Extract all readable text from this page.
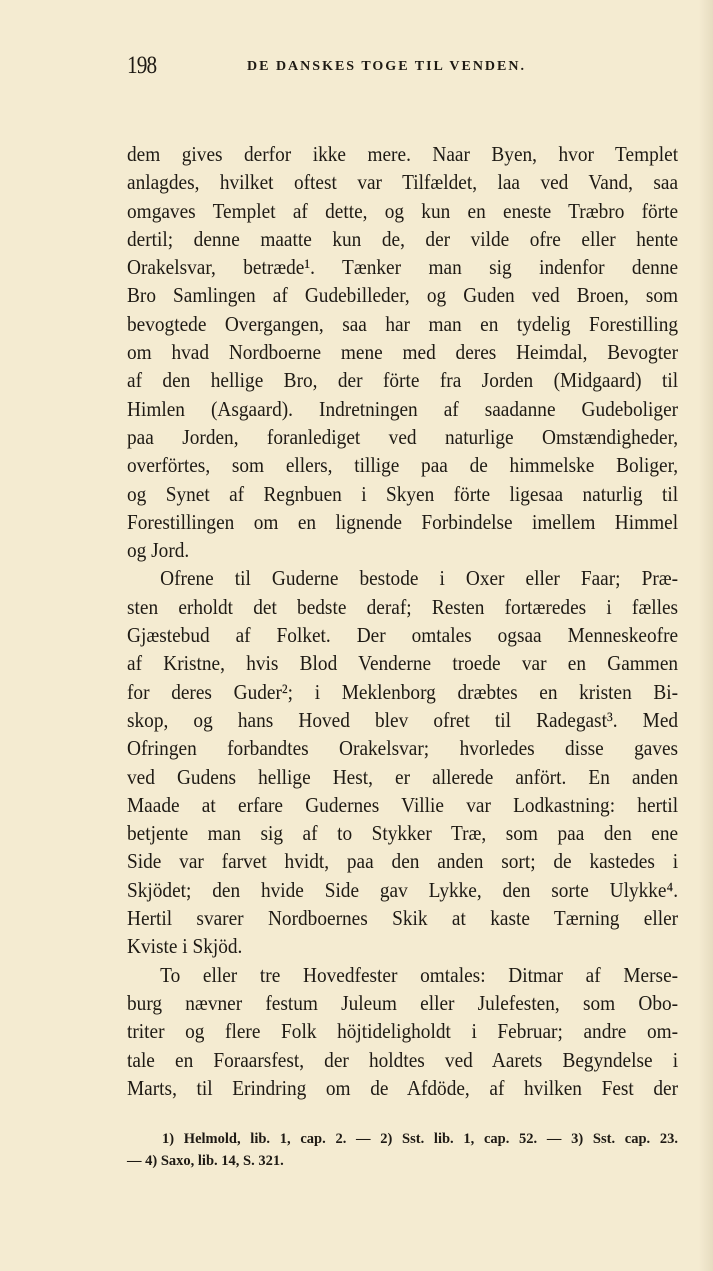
198	DE DANSKES TOGE TIL VENDEN.
dem gives derfor ikke mere. Naar Byen, hvor Templet
anlagdes, hvilket oftest var Tilfældet, laa ved Vand, saa
omgaves Templet af dette, og kun en eneste Træbro förte
dertil; denne maatte kun de, der vilde ofre eller hente
Orakelsvar, betræde¹. Tænker man sig indenfor denne
Bro Samlingen af Gudebilleder, og Guden ved Broen, som
bevogtede Overgangen, saa har man en tydelig Forestilling
om hvad Nordboerne mene med deres Heimdal, Bevogter
af den hellige Bro, der förte fra Jorden (Midgaard) til
Himlen (Asgaard). Indretningen af saadanne Gudeboliger
paa Jorden, foranlediget ved naturlige Omstændigheder,
overförtes, som ellers, tillige paa de himmelske Boliger,
og Synet af Regnbuen i Skyen förte ligesaa naturlig til
Forestillingen om en lignende Forbindelse imellem Himmel
og Jord.
Ofrene til Guderne bestode i Oxer eller Faar; Præ-
sten erholdt det bedste deraf; Resten fortæredes i fælles
Gjæstebud af Folket. Der omtales ogsaa Menneskeofre
af Kristne, hvis Blod Venderne troede var en Gammen
for deres Guder²; i Meklenborg dræbtes en kristen Bi-
skop, og hans Hoved blev ofret til Radegast³. Med
Ofringen forbandtes Orakelsvar; hvorledes disse gaves
ved Gudens hellige Hest, er allerede anfört. En anden
Maade at erfare Gudernes Villie var Lodkastning: hertil
betjente man sig af to Stykker Træ, som paa den ene
Side var farvet hvidt, paa den anden sort; de kastedes i
Skjödet; den hvide Side gav Lykke, den sorte Ulykke⁴.
Hertil svarer Nordboernes Skik at kaste Tærning eller
Kviste i Skjöd.
To eller tre Hovedfester omtales: Ditmar af Merse-
burg nævner festum Juleum eller Julefesten, som Obo-
triter og flere Folk höjtideligholdt i Februar; andre om-
tale en Foraarsfest, der holdtes ved Aarets Begyndelse i
Marts, til Erindring om de Afdöde, af hvilken Fest der
1) Helmold, lib. 1, cap. 2. — 2) Sst. lib. 1, cap. 52. — 3) Sst. cap. 23.
— 4) Saxo, lib. 14, S. 321.
